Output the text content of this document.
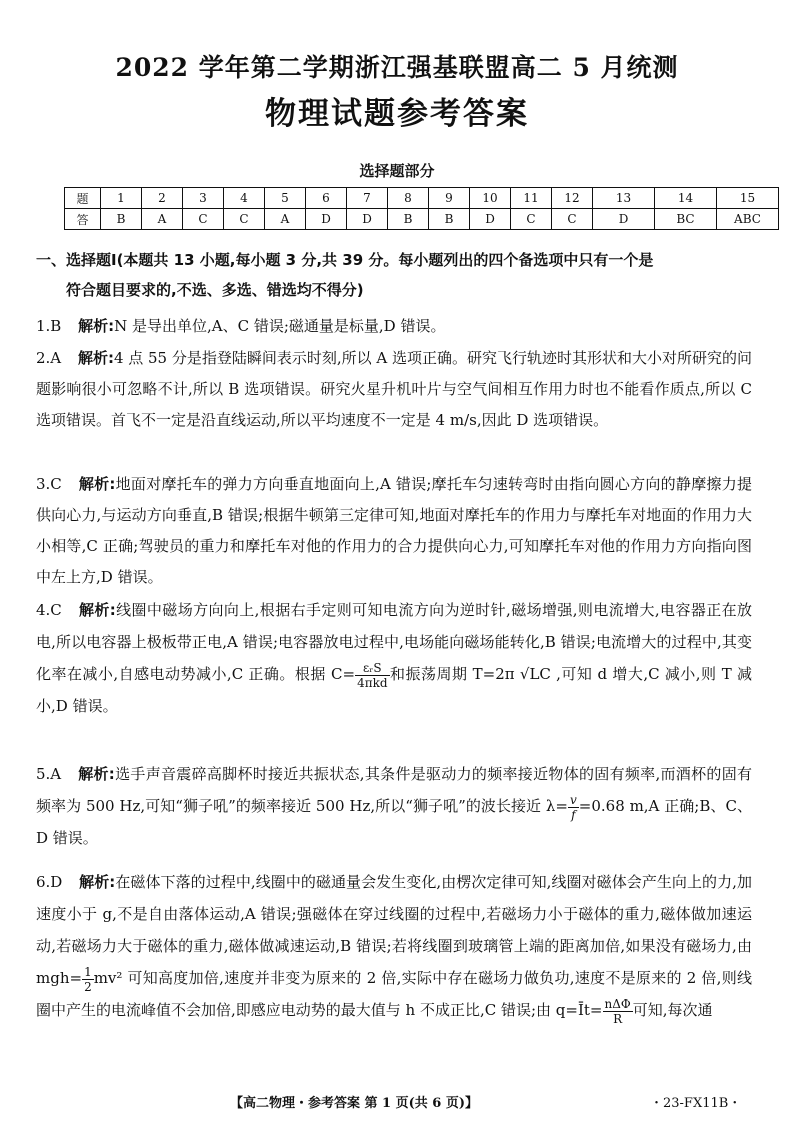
2022 学年第二学期浙江强基联盟高二 5 月统测
物理试题参考答案
选择题部分
题	1	2	3	4	5	6	7	8	9	10	11	12	13	14	15
答	B	A	C	C	A	D	D	B	B	D	C	C	D	BC	ABC
一、选择题Ⅰ(本题共 13 小题,每小题 3 分,共 39 分。每小题列出的四个备选项中只有一个是
符合题目要求的,不选、多选、错选均不得分)
1.B 解析:N 是导出单位,A、C 错误;磁通量是标量,D 错误。
2.A 解析:4 点 55 分是指登陆瞬间表示时刻,所以 A 选项正确。研究飞行轨迹时其形状和大小对所研究的问题影响很小可忽略不计,所以 B 选项错误。研究火星升机叶片与空气间相互作用力时也不能看作质点,所以 C 选项错误。首飞不一定是沿直线运动,所以平均速度不一定是 4 m/s,因此 D 选项错误。
3.C 解析:地面对摩托车的弹力方向垂直地面向上,A 错误;摩托车匀速转弯时由指向圆心方向的静摩擦力提供向心力,与运动方向垂直,B 错误;根据牛顿第三定律可知,地面对摩托车的作用力与摩托车对地面的作用力大小相等,C 正确;驾驶员的重力和摩托车对他的作用力的合力提供向心力,可知摩托车对他的作用力方向指向图中左上方,D 错误。
4.C 解析:线圈中磁场方向向上,根据右手定则可知电流方向为逆时针,磁场增强,则电流增大,电容器正在放电,所以电容器上极板带正电,A 错误;电容器放电过程中,电场能向磁场能转化,B 错误;电流增大的过程中,其变化率在减小,自感电动势减小,C 正确。根据 C= εᵣS
4πkd 和振荡周期 T=2π √LC ,可知 d 增大,C 减小,则 T 减小,D 错误。
5.A 解析:选手声音震碎高脚杯时接近共振状态,其条件是驱动力的频率接近物体的固有频率,而酒杯的固有频率为 500 Hz,可知“狮子吼”的频率接近 500 Hz,所以“狮子吼”的波长接近 $\lambda= \frac{v}{f} =0.68$ m,A 正确;B、C、D 错误。
6.D 解析:在磁体下落的过程中,线圈中的磁通量会发生变化,由楞次定律可知,线圈对磁体会产生向上的力,加速度小于 g,不是自由落体运动,A 错误;强磁体在穿过线圈的过程中,若磁场力小于磁体的重力,磁体做加速运动,若磁场力大于磁体的重力,磁体做减速运动,B 错误;若将线圈到玻璃管上端的距离加倍,如果没有磁场力,由 $mgh= \frac{1}{2} mv^2$ 可知高度加倍,速度并非变为原来的 2 倍,实际中存在磁场力做负功,速度不是原来的 2 倍,则线圈中产生的电流峰值不会加倍,即感应电动势的最大值与 h 不成正比,C 错误;由 q=Īt= nΔΦ
R 可知,每次通
【高二物理・参考答案 第 1 页(共 6 页)】	・23-FX11B・
